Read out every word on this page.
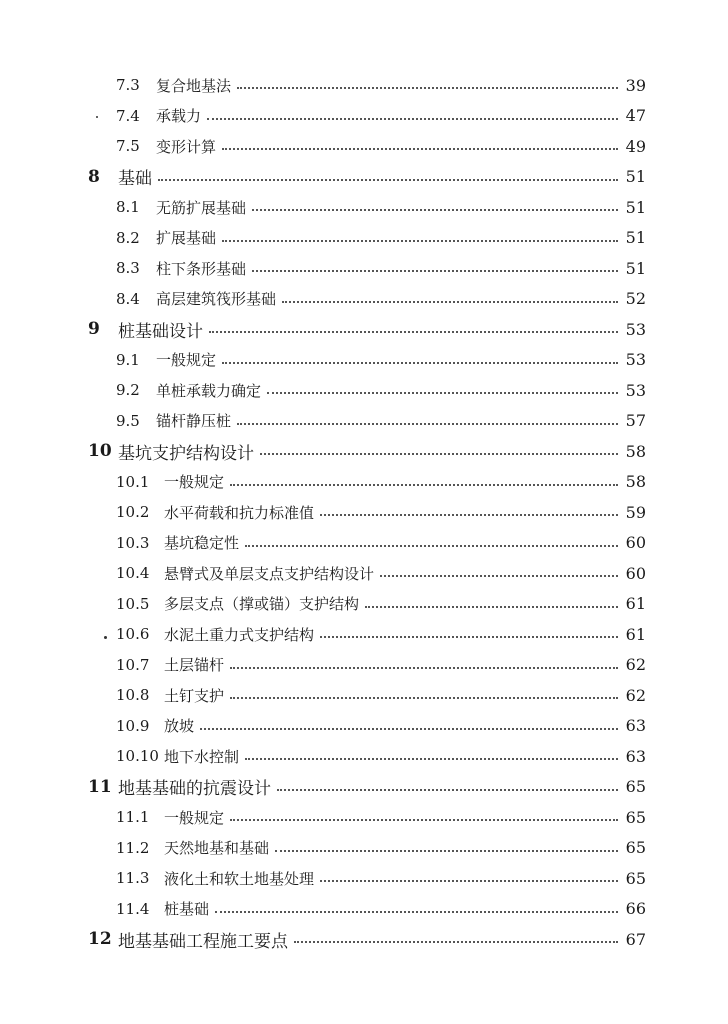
7.3	复合地基法	39
7.4	承载力	47
7.5	变形计算	49
8	基础	51
8.1	无筋扩展基础	51
8.2	扩展基础	51
8.3	柱下条形基础	51
8.4	高层建筑筏形基础	52
9	桩基础设计	53
9.1	一般规定	53
9.2	单桩承载力确定	53
9.5	锚杆静压桩	57
10 基坑支护结构设计	58
10.1 一般规定	58
10.2 水平荷载和抗力标准值	59
10.3 基坑稳定性	60
10.4 悬臂式及单层支点支护结构设计	60
10.5 多层支点（撑或锚）支护结构	61
10.6 水泥土重力式支护结构	61
10.7 土层锚杆	62
10.8 土钉支护	62
10.9 放坡	63
10.10 地下水控制	63
11 地基基础的抗震设计	65
11.1 一般规定	65
11.2 天然地基和基础	65
11.3 液化土和软土地基处理	65
11.4 桩基础	66
12 地基基础工程施工要点	67
